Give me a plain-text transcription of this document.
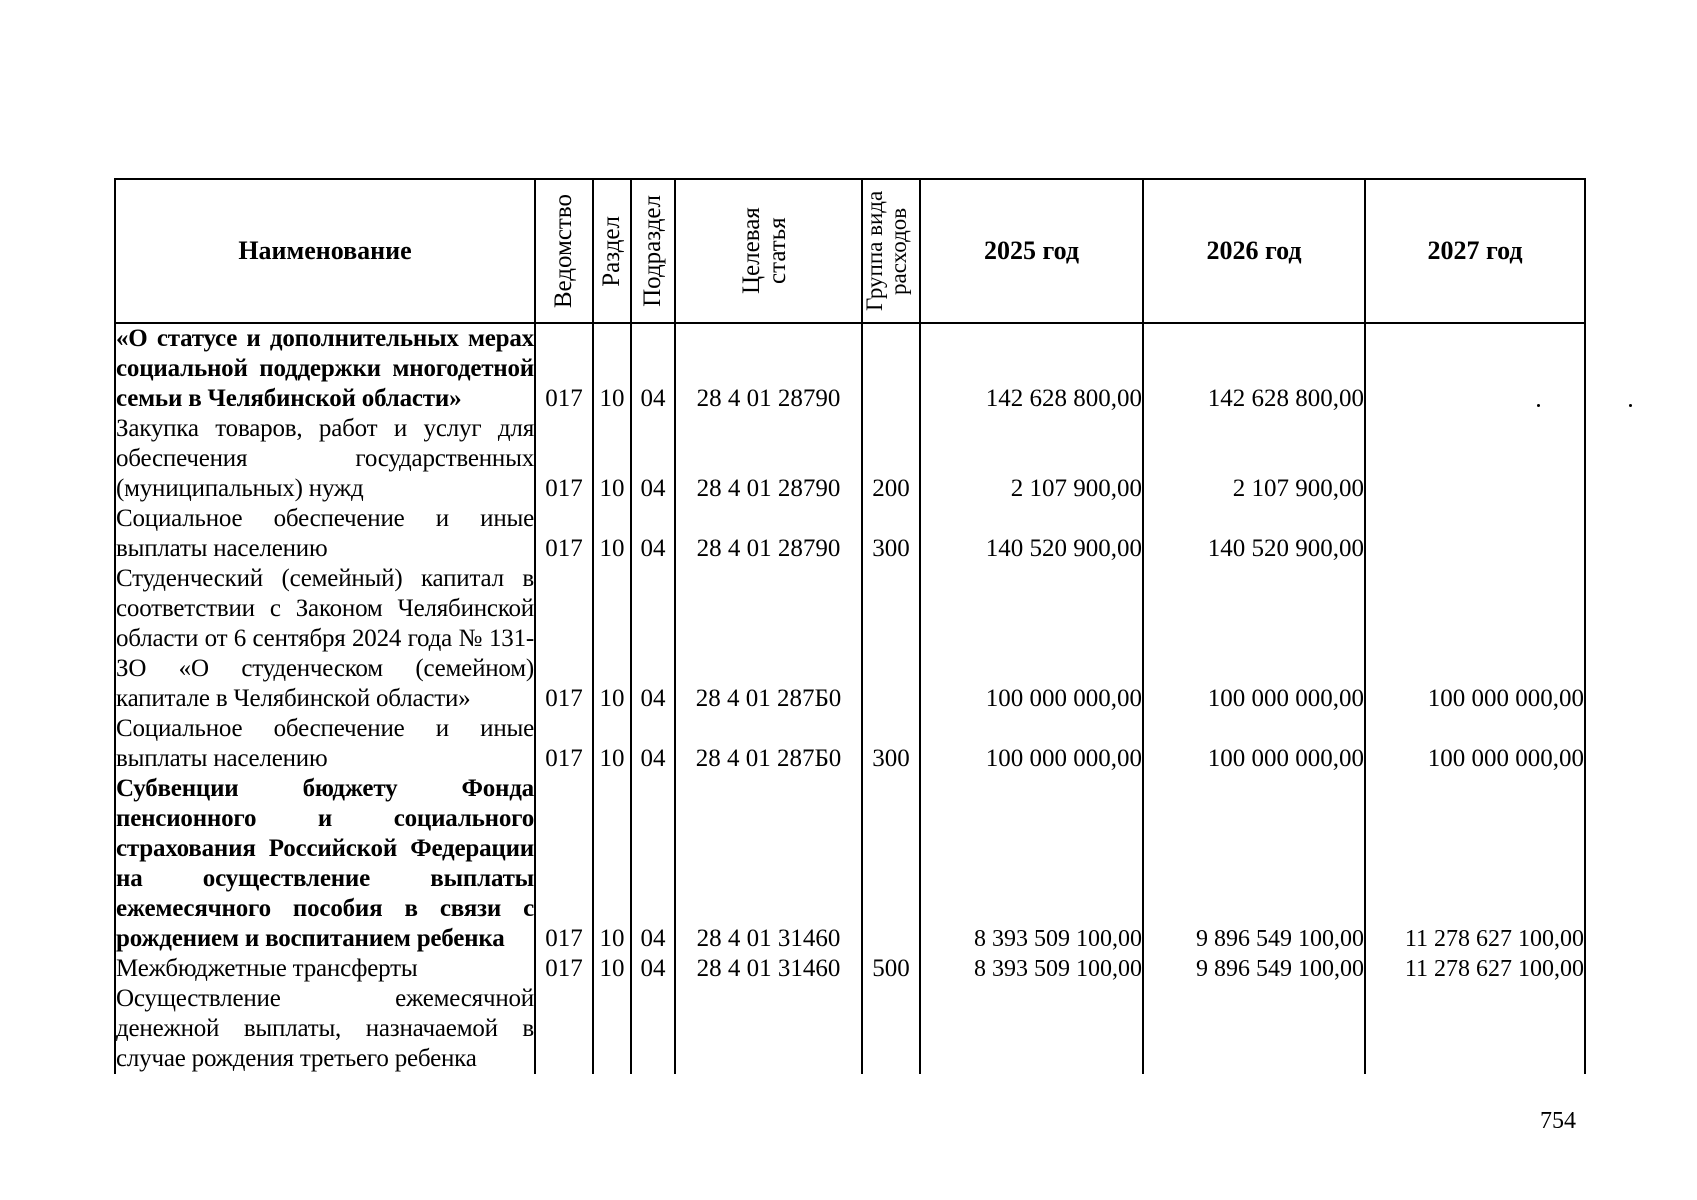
Наименование	Ведомство	Раздел	Подраздел	Целевая статья	Группа вида расходов	2025 год	2026 год	2027 год
«О статусе и дополнительных мерах социальной поддержки многодетной семьи в Челябинской области»	017	10	04	28 4 01 28790		142 628 800,00	142 628 800,00	
Закупка товаров, работ и услуг для обеспечения государственных (муниципальных) нужд	017	10	04	28 4 01 28790	200	2 107 900,00	2 107 900,00	
Социальное обеспечение и иные выплаты населению	017	10	04	28 4 01 28790	300	140 520 900,00	140 520 900,00	
Студенческий (семейный) капитал в соответствии с Законом Челябинской области от 6 сентября 2024 года № 131-ЗО «О студенческом (семейном) капитале в Челябинской области»	017	10	04	28 4 01 287Б0		100 000 000,00	100 000 000,00	100 000 000,00
Социальное обеспечение и иные выплаты населению	017	10	04	28 4 01 287Б0	300	100 000 000,00	100 000 000,00	100 000 000,00
Субвенции бюджету Фонда пенсионного и социального страхования Российской Федерации на осуществление выплаты ежемесячного пособия в связи с рождением и воспитанием ребенка	017	10	04	28 4 01 31460		8 393 509 100,00	9 896 549 100,00	11 278 627 100,00
Межбюджетные трансферты	017	10	04	28 4 01 31460	500	8 393 509 100,00	9 896 549 100,00	11 278 627 100,00
Осуществление ежемесячной денежной выплаты, назначаемой в случае рождения третьего ребенка								
754
